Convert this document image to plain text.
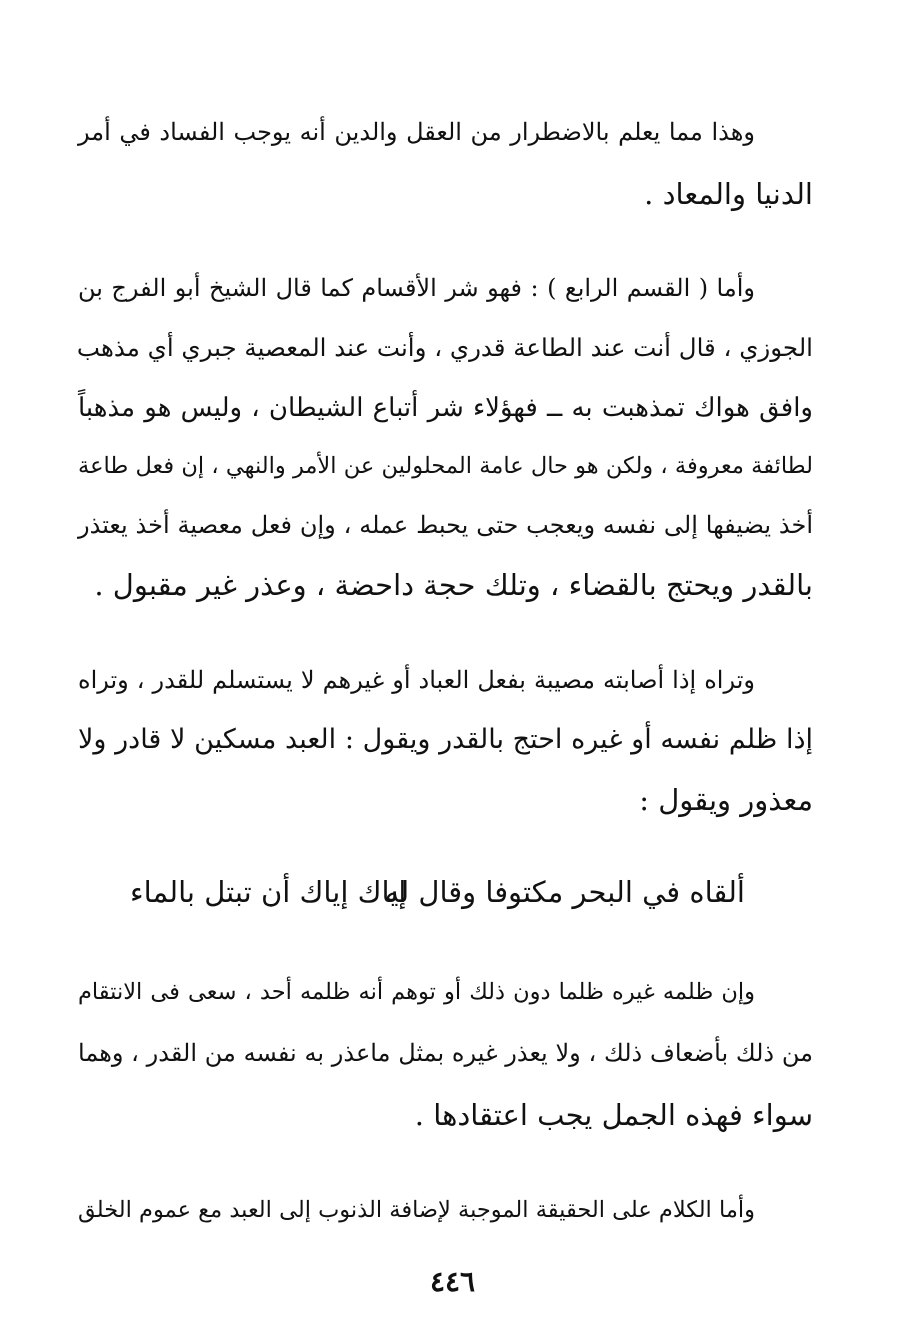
وهذا مما يعلم بالاضطرار من العقل والدين أنه يوجب الفساد في أمر
الدنيا والمعاد .
وأما ( القسم الرابع ) : فهو شر الأقسام كما قال الشيخ أبو الفرج بن
الجوزي ، قال أنت عند الطاعة قدري ، وأنت عند المعصية جبري أي مذهب
وافق هواك تمذهبت به ــ فهؤلاء شر أتباع الشيطان ، وليس هو مذهباً
لطائفة معروفة ، ولكن هو حال عامة المحلولين عن الأمر والنهي ، إن فعل طاعة
أخذ يضيفها إلى نفسه ويعجب حتى يحبط عمله ، وإن فعل معصية أخذ يعتذر
بالقدر ويحتج بالقضاء ، وتلك حجة داحضة ، وعذر غير مقبول .
وتراه إذا أصابته مصيبة بفعل العباد أو غيرهم لا يستسلم للقدر ، وتراه
إذا ظلم نفسه أو غيره احتج بالقدر ويقول : العبد مسكين لا قادر ولا
معذور ويقول :
ألقاه في البحر مكتوفا وقال له
إياك إياك أن تبتل بالماء
وإن ظلمه غيره ظلما دون ذلك أو توهم أنه ظلمه أحد ، سعى فى الانتقام
من ذلك بأضعاف ذلك ، ولا يعذر غيره بمثل ماعذر به نفسه من القدر ، وهما
سواء فهذه الجمل يجب اعتقادها .
وأما الكلام على الحقيقة الموجبة لإضافة الذنوب إلى العبد مع عموم الخلق
٤٤٦
